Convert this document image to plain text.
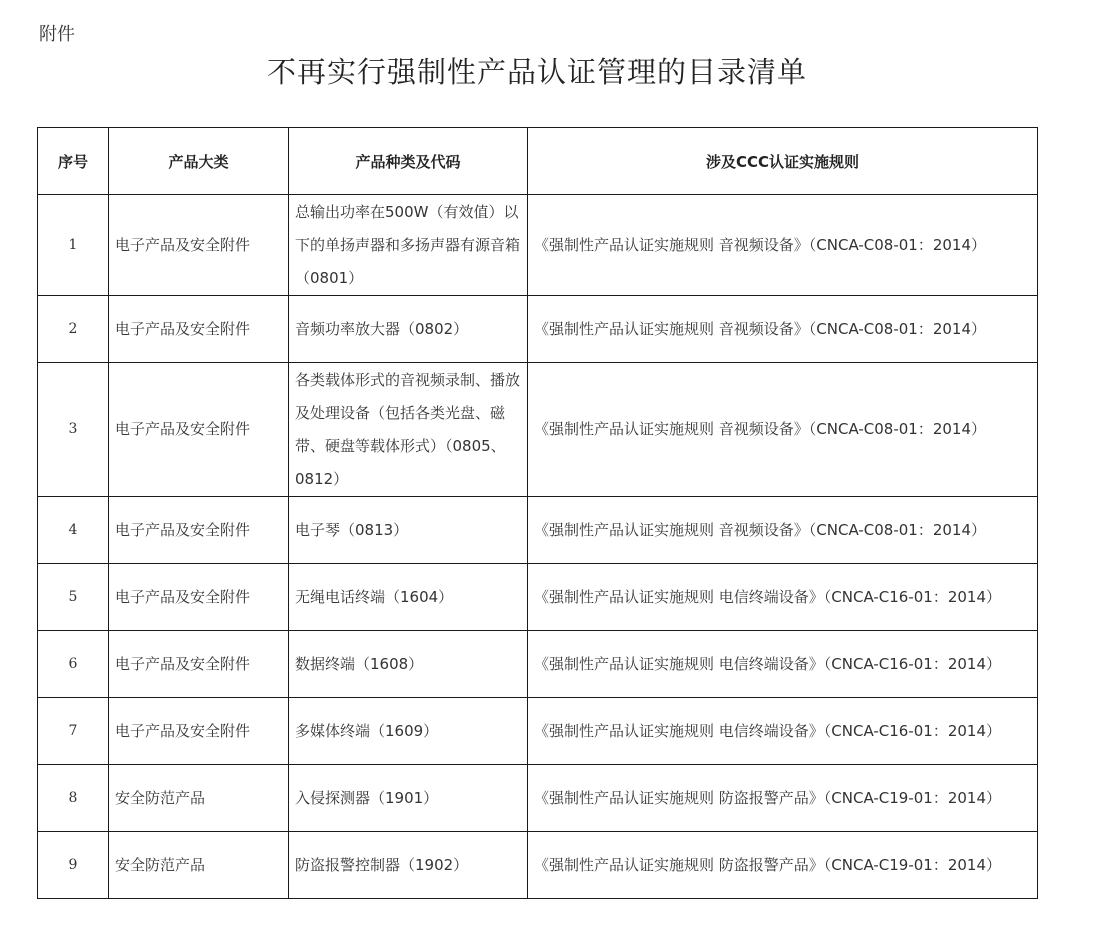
附件
不再实行强制性产品认证管理的目录清单
序号	产品大类	产品种类及代码	涉及CCC认证实施规则
1	电子产品及安全附件	总输出功率在500W（有效值）以下的单扬声器和多扬声器有源音箱（0801）	《强制性产品认证实施规则 音视频设备》（CNCA-C08-01：2014）
2	电子产品及安全附件	音频功率放大器（0802）	《强制性产品认证实施规则 音视频设备》（CNCA-C08-01：2014）
3	电子产品及安全附件	各类载体形式的音视频录制、播放及处理设备（包括各类光盘、磁带、硬盘等载体形式）（0805、0812）	《强制性产品认证实施规则 音视频设备》（CNCA-C08-01：2014）
4	电子产品及安全附件	电子琴（0813）	《强制性产品认证实施规则 音视频设备》（CNCA-C08-01：2014）
5	电子产品及安全附件	无绳电话终端（1604）	《强制性产品认证实施规则 电信终端设备》（CNCA-C16-01：2014）
6	电子产品及安全附件	数据终端（1608）	《强制性产品认证实施规则 电信终端设备》（CNCA-C16-01：2014）
7	电子产品及安全附件	多媒体终端（1609）	《强制性产品认证实施规则 电信终端设备》（CNCA-C16-01：2014）
8	安全防范产品	入侵探测器（1901）	《强制性产品认证实施规则 防盗报警产品》（CNCA-C19-01：2014）
9	安全防范产品	防盗报警控制器（1902）	《强制性产品认证实施规则 防盗报警产品》（CNCA-C19-01：2014）
